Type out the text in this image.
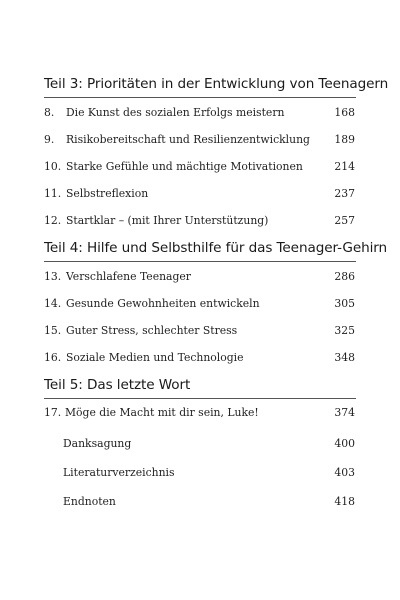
Teil 3: Prioritäten in der Entwicklung von Teenagern
8. Die Kunst des sozialen Erfolgs meistern	168
9. Risikobereitschaft und Resilienzentwicklung 189
10. Starke Gefühle und mächtige Motivationen	214
11. Selbstreflexion	237
12. Startklar – (mit Ihrer Unterstützung)	257
Teil 4: Hilfe und Selbsthilfe für das Teenager-Gehirn
13. Verschlafene Teenager	286
14. Gesunde Gewohnheiten entwickeln	305
15. Guter Stress, schlechter Stress	325
16. Soziale Medien und Technologie	348
Teil 5: Das letzte Wort
17. Möge die Macht mit dir sein, Luke!	374
Danksagung	400
Literaturverzeichnis	403
Endnoten	418
